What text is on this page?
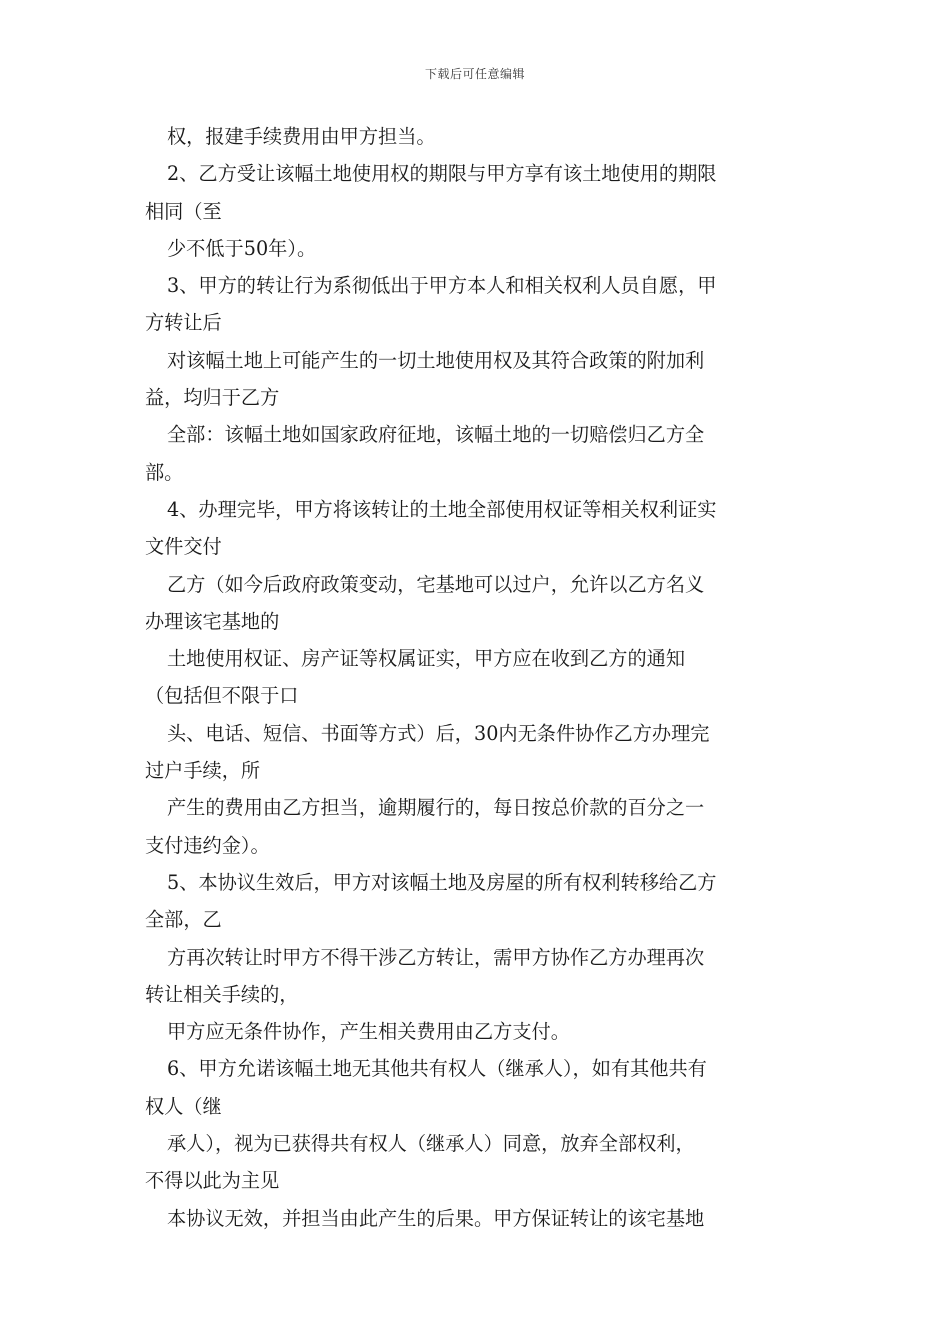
下载后可任意编辑
权，报建手续费用由甲方担当。
2、乙方受让该幅土地使用权的期限与甲方享有该土地使用的期限
相同（至
少不低于50年）。
3、甲方的转让行为系彻低出于甲方本人和相关权利人员自愿，甲
方转让后
对该幅土地上可能产生的一切土地使用权及其符合政策的附加利
益，均归于乙方
全部：该幅土地如国家政府征地，该幅土地的一切赔偿归乙方全
部。
4、办理完毕，甲方将该转让的土地全部使用权证等相关权利证实
文件交付
乙方（如今后政府政策变动，宅基地可以过户，允许以乙方名义
办理该宅基地的
土地使用权证、房产证等权属证实，甲方应在收到乙方的通知
（包括但不限于口
头、电话、短信、书面等方式）后，30内无条件协作乙方办理完
过户手续，所
产生的费用由乙方担当，逾期履行的，每日按总价款的百分之一
支付违约金）。
5、本协议生效后，甲方对该幅土地及房屋的所有权利转移给乙方
全部，乙
方再次转让时甲方不得干涉乙方转让，需甲方协作乙方办理再次
转让相关手续的，
甲方应无条件协作，产生相关费用由乙方支付。
6、甲方允诺该幅土地无其他共有权人（继承人），如有其他共有
权人（继
承人），视为已获得共有权人（继承人）同意，放弃全部权利，
不得以此为主见
本协议无效，并担当由此产生的后果。甲方保证转让的该宅基地
